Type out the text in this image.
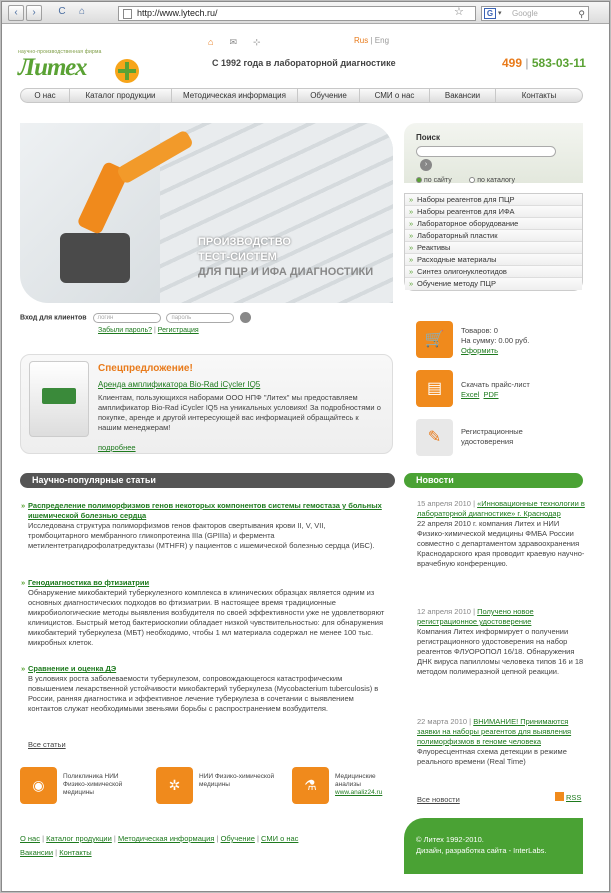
‹	›	C	⌂	http://www.lytech.ru/	☆	G ▾ Google	⚲
научно-производственная фирма
Литех
⌂ ✉ ⊹	Rus | Eng
С 1992 года в лабораторной диагностике	499 | 583-03-11
О нас	Каталог продукции	Методическая информация	Обучение	СМИ о нас	Вакансии	Контакты
ПРОИЗВОДСТВО
ТЕСТ-СИСТЕМ
ДЛЯ ПЦР И ИФА ДИАГНОСТИКИ
Поиск
›
по сайту	по каталогу
» Наборы реагентов для ПЦР
» Наборы реагентов для ИФА
» Лабораторное оборудование
» Лабораторный пластик
» Реактивы
» Расходные материалы
» Синтез олигонуклеотидов
» Обучение методу ПЦР
Вход для клиентов логин	пароль
Забыли пароль? | Регистрация
Спецпредложение!
Аренда амплификатора Bio-Rad iCycler IQ5
Клиентам, пользующихся наборами ООО НПФ "Литех" мы предоставляем амплификатор Bio-Rad iCycler IQ5 на уникальных условиях! За подробностями о покупке, аренде и другой интересующей вас информацией обращайтесь к нашим менеджерам!
подробнее
🛒
Товаров: 0
На сумму: 0.00 руб.
Оформить
▤	Скачать прайс-лист
Excel PDF
✎	Регистрационные удостоверения
Научно-популярные статьи	Новости
» Распределение полиморфизмов генов некоторых компонентов системы гемостаза у больных ишемической болезнью сердца
Исследована структура полиморфизмов генов факторов свертывания крови II, V, VII, тромбоцитарного мембранного гликопротеина IIIa (GPIIIa) и фермента метилентетрагидрофолатредуктазы (MTHFR) у пациентов с ишемической болезнью сердца (ИБС).
» Генодиагностика во фтизиатрии
Обнаружение микобактерий туберкулезного комплекса в клинических образцах является одним из основных диагностических подходов во фтизиатрии. В настоящее время традиционные микробиологические методы выявления возбудителя по своей эффективности уже не удовлетворяют клиницистов. Быстрый метод бактериоскопии обладает низкой чувствительностью: для обнаружения микобактерий туберкулеза (МБТ) необходимо, чтобы 1 мл материала содержал не менее 100 тыс. микробных клеток.
» Сравнение и оценка ДЭ
В условиях роста заболеваемости туберкулезом, сопровождающегося катастрофическим повышением лекарственной устойчивости микобактерий туберкулеза (Mycobacterium tuberculosis) в России, ранняя диагностика и эффективное лечение туберкулеза в сочетании с выявлением контактов служат необходимыми звеньями борьбы с распространением возбудителя.
Все статьи
15 апреля 2010 | «Инновационные технологии в лабораторной диагностике» г. Краснодар
22 апреля 2010 г. компания Литех и НИИ Физико-химической медицины ФМБА России совместно с департаментом здравоохранения Краснодарского края проводит краевую научно-врачебную конференцию.
12 апреля 2010 | Получено новое регистрационное удостоверение
Компания Литех информирует о получении регистрационного удостоверения на набор реагентов ФЛУОРОПОЛ 16/18. Обнаружения ДНК вируса папилломы человека типов 16 и 18 методом полимеразной цепной реакции.
22 марта 2010 | ВНИМАНИЕ! Принимаются заявки на наборы реагентов для выявления полиморфизмов в геноме человека
Флуоресцентная схема детекции в режиме реального времени (Real Time)
Все новости	RSS
◉
Поликлиника НИИ Физико-химической медицины	✲
НИИ Физико-химической медицины	⚗
Медицинские анализы
www.analiz24.ru
О нас | Каталог продукции | Методическая информация | Обучение | СМИ о нас
Вакансии | Контакты
© Литех 1992-2010.
Дизайн, разработка сайта - InterLabs.
